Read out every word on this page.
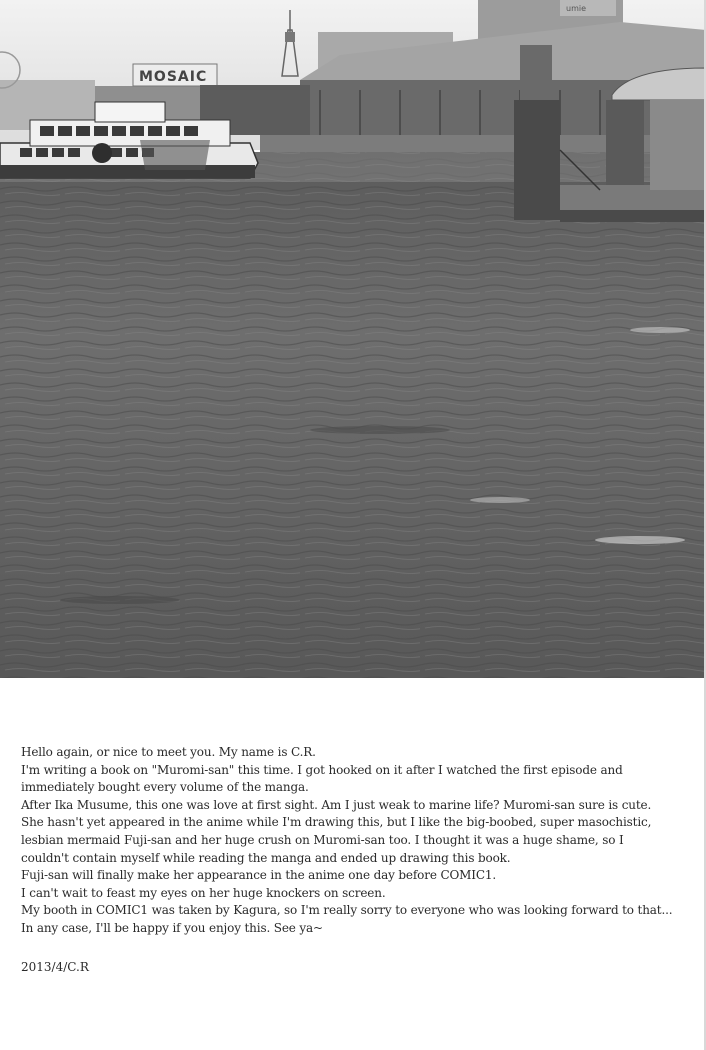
umie
MOSAIC
Hello again, or nice to meet you. My name is C.R.
I'm writing a book on "Muromi-san" this time. I got hooked on it after I watched the first episode and
immediately bought every volume of the manga.
After Ika Musume, this one was love at first sight. Am I just weak to marine life? Muromi-san sure is cute.
She hasn't yet appeared in the anime while I'm drawing this, but I like the big-boobed, super masochistic,
lesbian mermaid Fuji-san and her huge crush on Muromi-san too. I thought it was a huge shame, so I
couldn't contain myself while reading the manga and ended up drawing this book.
Fuji-san will finally make her appearance in the anime one day before COMIC1.
I can't wait to feast my eyes on her huge knockers on screen.
My booth in COMIC1 was taken by Kagura, so I'm really sorry to everyone who was looking forward to that...
In any case, I'll be happy if you enjoy this. See ya~
2013/4/C.R
